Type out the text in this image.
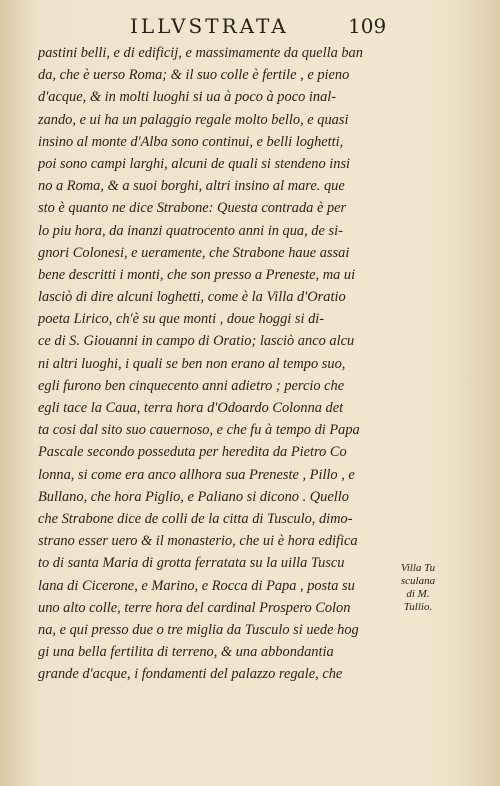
ILLVSTRATA	109
pastini belli, e di edificij, e massimamente da quella ban
da, che è uerso Roma; & il suo colle è fertile , e pieno
d'acque, & in molti luoghi si ua à poco à poco inal-
zando, e ui ha un palaggio regale molto bello, e quasi
insino al monte d'Alba sono continui, e belli loghetti,
poi sono campi larghi, alcuni de quali si stendeno insi
no a Roma, & a suoi borghi, altri insino al mare. que
sto è quanto ne dice Strabone: Questa contrada è per
lo piu hora, da inanzi quatrocento anni in qua, de si-
gnori Colonesi, e ueramente, che Strabone haue assai
bene descritti i monti, che son presso a Preneste, ma ui
lasciò di dire alcuni loghetti, come è la Villa d'Oratio
poeta Lirico, ch'è su que monti , doue hoggi si di-
ce di S. Giouanni in campo di Oratio; lasciò anco alcu
ni altri luoghi, i quali se ben non erano al tempo suo,
egli furono ben cinquecento anni adietro ; percio che
egli tace la Caua, terra hora d'Odoardo Colonna det
ta cosi dal sito suo cauernoso, e che fu à tempo di Papa
Pascale secondo posseduta per heredita da Pietro Co
lonna, si come era anco allhora sua Preneste , Pillo , e
Bullano, che hora Piglio, e Paliano si dicono . Quello
che Strabone dice de colli de la citta di Tusculo, dimo-
strano esser uero & il monasterio, che ui è hora edifica
to di santa Maria di grotta ferratata su la uilla Tuscu
lana di Cicerone, e Marino, e Rocca di Papa , posta su
uno alto colle, terre hora del cardinal Prospero Colon
na, e qui presso due o tre miglia da Tusculo si uede hog
gi una bella fertilita di terreno, & una abbondantia
grande d'acque, i fondamenti del palazzo regale, che
Villa Tu
sculana
di M.
Tullio.
